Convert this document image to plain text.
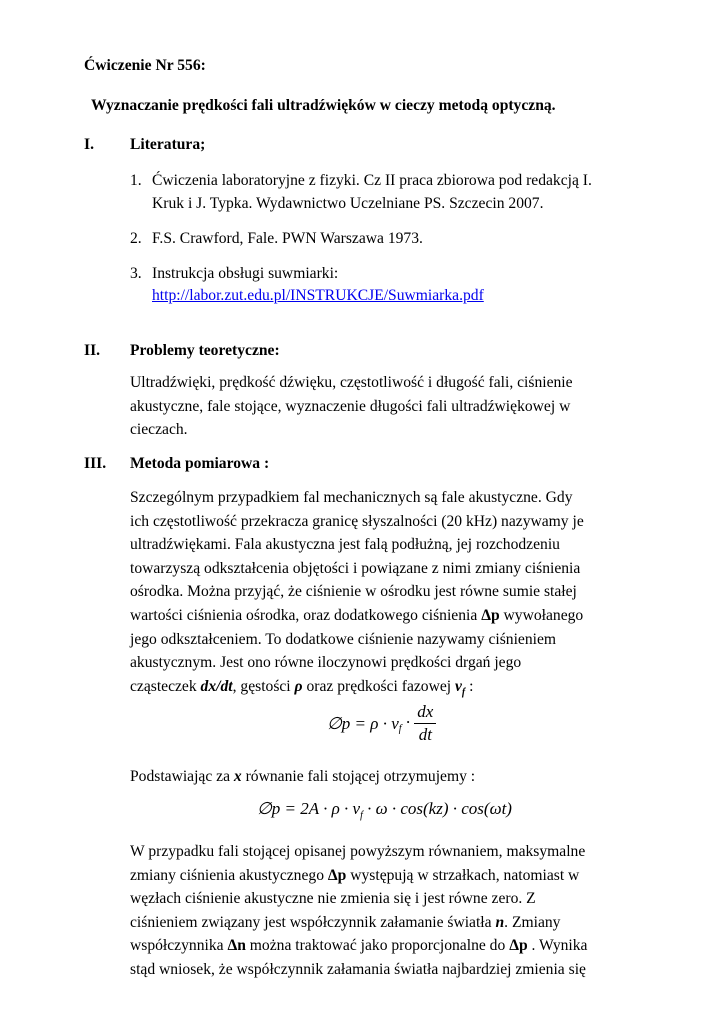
Ćwiczenie Nr 556:
Wyznaczanie prędkości fali ultradźwięków w cieczy metodą optyczną.
I. Literatura;
1. Ćwiczenia laboratoryjne z fizyki. Cz II praca zbiorowa pod redakcją I.
Kruk i J. Typka. Wydawnictwo Uczelniane PS. Szczecin 2007.
2. F.S. Crawford, Fale. PWN Warszawa 1973.
3. Instrukcja obsługi suwmiarki:
http://labor.zut.edu.pl/INSTRUKCJE/Suwmiarka.pdf
II. Problemy teoretyczne:
Ultradźwięki, prędkość dźwięku, częstotliwość i długość fali, ciśnienie
akustyczne, fale stojące, wyznaczenie długości fali ultradźwiękowej w
cieczach.
III. Metoda pomiarowa :
Szczególnym przypadkiem fal mechanicznych są fale akustyczne. Gdy
ich częstotliwość przekracza granicę słyszalności (20 kHz) nazywamy je
ultradźwiękami. Fala akustyczna jest falą podłużną, jej rozchodzeniu
towarzyszą odkształcenia objętości i powiązane z nimi zmiany ciśnienia
ośrodka. Można przyjąć, że ciśnienie w ośrodku jest równe sumie stałej
wartości ciśnienia ośrodka, oraz dodatkowego ciśnienia Δp wywołanego
jego odkształceniem. To dodatkowe ciśnienie nazywamy ciśnieniem
akustycznym. Jest ono równe iloczynowi prędkości drgań jego
cząsteczek dx/dt, gęstości ρ oraz prędkości fazowej $v_f$ :
∅p = $\rho \cdot v_f \cdot \frac{dx}{dt}$
Podstawiając za x równanie fali stojącej otrzymujemy :
∅p = $2A \cdot \rho \cdot v_f \cdot \omega \cdot \cos(kz) \cdot \cos(\omega t)$
W przypadku fali stojącej opisanej powyższym równaniem, maksymalne
zmiany ciśnienia akustycznego Δp występują w strzałkach, natomiast w
węzłach ciśnienie akustyczne nie zmienia się i jest równe zero. Z
ciśnieniem związany jest współczynnik załamanie światła n. Zmiany
współczynnika Δn można traktować jako proporcjonalne do Δp . Wynika
stąd wniosek, że współczynnik załamania światła najbardziej zmienia się
